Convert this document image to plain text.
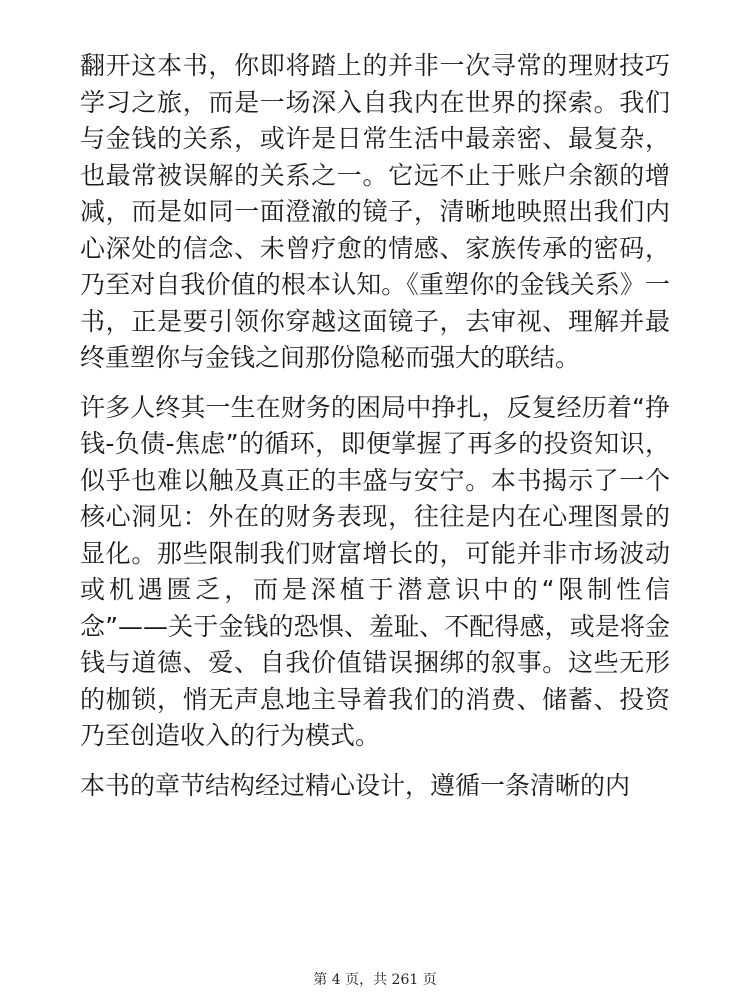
翻开这本书，你即将踏上的并非一次寻常的理财技巧学习之旅，而是一场深入自我内在世界的探索。我们与金钱的关系，或许是日常生活中最亲密、最复杂，也最常被误解的关系之一。它远不止于账户余额的增减，而是如同一面澄澈的镜子，清晰地映照出我们内心深处的信念、未曾疗愈的情感、家族传承的密码，乃至对自我价值的根本认知。《重塑你的金钱关系》一书，正是要引领你穿越这面镜子，去审视、理解并最终重塑你与金钱之间那份隐秘而强大的联结。

许多人终其一生在财务的困局中挣扎，反复经历着“挣钱-负债-焦虑”的循环，即便掌握了再多的投资知识，似乎也难以触及真正的丰盛与安宁。本书揭示了一个核心洞见：外在的财务表现，往往是内在心理图景的显化。那些限制我们财富增长的，可能并非市场波动或机遇匮乏，而是深植于潜意识中的“限制性信念”——关于金钱的恐惧、羞耻、不配得感，或是将金钱与道德、爱、自我价值错误捆绑的叙事。这些无形的枷锁，悄无声息地主导着我们的消费、储蓄、投资乃至创造收入的行为模式。

本书的章节结构经过精心设计，遵循一条清晰的内

第 4 页，共 261 页
